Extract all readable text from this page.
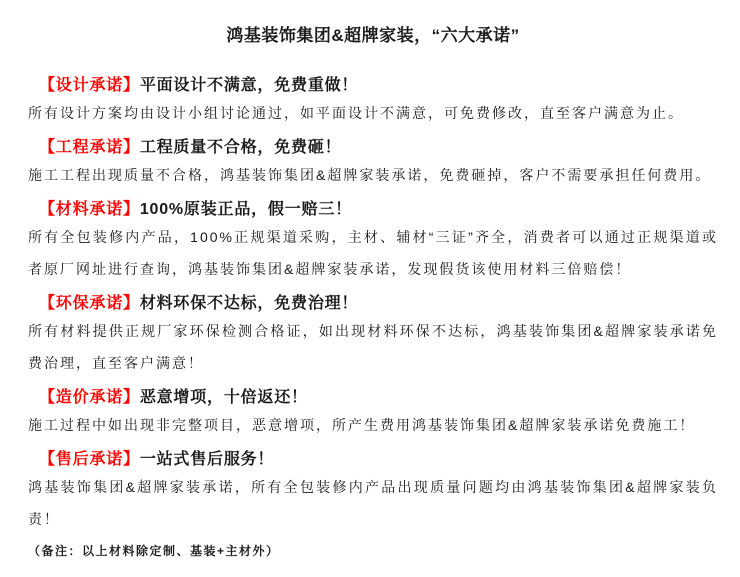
鸿基装饰集团&超牌家装，“六大承诺”
【设计承诺】平面设计不满意，免费重做！

所有设计方案均由设计小组讨论通过，如平面设计不满意，可免费修改，直至客户满意为止。

【工程承诺】工程质量不合格，免费砸！

施工工程出现质量不合格，鸿基装饰集团&超牌家装承诺，免费砸掉，客户不需要承担任何费用。

【材料承诺】100%原装正品，假一赔三！

所有全包装修内产品，100%正规渠道采购，主材、辅材“三证”齐全，消费者可以通过正规渠道或者原厂网址进行查询，鸿基装饰集团&超牌家装承诺，发现假货该使用材料三倍赔偿！

【环保承诺】材料环保不达标，免费治理！

所有材料提供正规厂家环保检测合格证，如出现材料环保不达标，鸿基装饰集团&超牌家装承诺免费治理，直至客户满意！

【造价承诺】恶意增项，十倍返还！

施工过程中如出现非完整项目，恶意增项，所产生费用鸿基装饰集团&超牌家装承诺免费施工！

【售后承诺】一站式售后服务！

鸿基装饰集团&超牌家装承诺，所有全包装修内产品出现质量问题均由鸿基装饰集团&超牌家装负责！

（备注：以上材料除定制、基装+主材外）
